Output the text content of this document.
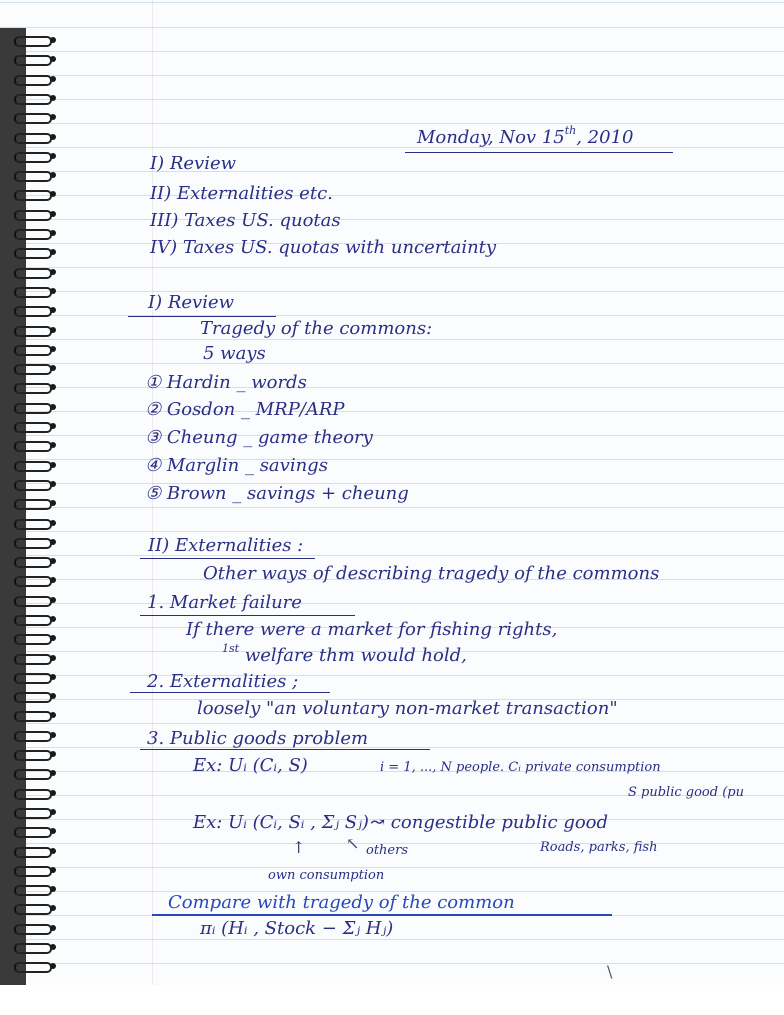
Monday, Nov 15th, 2010
I) Review
II) Externalities etc.
III) Taxes US. quotas
IV) Taxes US. quotas with uncertainty
I) Review
Tragedy of the commons:
5 ways
① Hardin _ words
② Gosdon _ MRP/ARP
③ Cheung _ game theory
④ Marglin _ savings
⑤ Brown _ savings + cheung
II) Externalities :
Other ways of describing tragedy of the commons
1. Market failure
If there were a market for fishing rights,
$^{1st}$ welfare thm would hold,
2. Externalities ;
loosely "an voluntary non-market transaction"
3. Public goods problem
Ex: Uᵢ (Cᵢ, S)	i = 1, ..., N people. Cᵢ private consumption
S public good (pu
Ex: Uᵢ (Cᵢ, Sᵢ , Σⱼ Sⱼ) ↝ congestible public good
Roads, parks, fish
↑	↖ others
own consumption
Compare with tragedy of the common
πᵢ (Hᵢ , Stock − Σⱼ Hⱼ)
\
